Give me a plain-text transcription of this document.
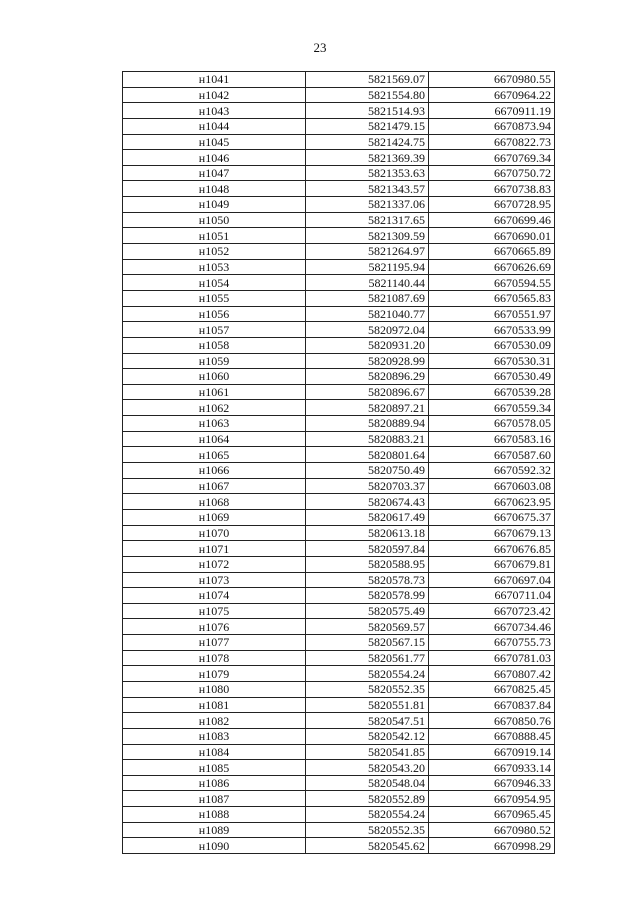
23
н1041	5821569.07	6670980.55
н1042	5821554.80	6670964.22
н1043	5821514.93	6670911.19
н1044	5821479.15	6670873.94
н1045	5821424.75	6670822.73
н1046	5821369.39	6670769.34
н1047	5821353.63	6670750.72
н1048	5821343.57	6670738.83
н1049	5821337.06	6670728.95
н1050	5821317.65	6670699.46
н1051	5821309.59	6670690.01
н1052	5821264.97	6670665.89
н1053	5821195.94	6670626.69
н1054	5821140.44	6670594.55
н1055	5821087.69	6670565.83
н1056	5821040.77	6670551.97
н1057	5820972.04	6670533.99
н1058	5820931.20	6670530.09
н1059	5820928.99	6670530.31
н1060	5820896.29	6670530.49
н1061	5820896.67	6670539.28
н1062	5820897.21	6670559.34
н1063	5820889.94	6670578.05
н1064	5820883.21	6670583.16
н1065	5820801.64	6670587.60
н1066	5820750.49	6670592.32
н1067	5820703.37	6670603.08
н1068	5820674.43	6670623.95
н1069	5820617.49	6670675.37
н1070	5820613.18	6670679.13
н1071	5820597.84	6670676.85
н1072	5820588.95	6670679.81
н1073	5820578.73	6670697.04
н1074	5820578.99	6670711.04
н1075	5820575.49	6670723.42
н1076	5820569.57	6670734.46
н1077	5820567.15	6670755.73
н1078	5820561.77	6670781.03
н1079	5820554.24	6670807.42
н1080	5820552.35	6670825.45
н1081	5820551.81	6670837.84
н1082	5820547.51	6670850.76
н1083	5820542.12	6670888.45
н1084	5820541.85	6670919.14
н1085	5820543.20	6670933.14
н1086	5820548.04	6670946.33
н1087	5820552.89	6670954.95
н1088	5820554.24	6670965.45
н1089	5820552.35	6670980.52
н1090	5820545.62	6670998.29
